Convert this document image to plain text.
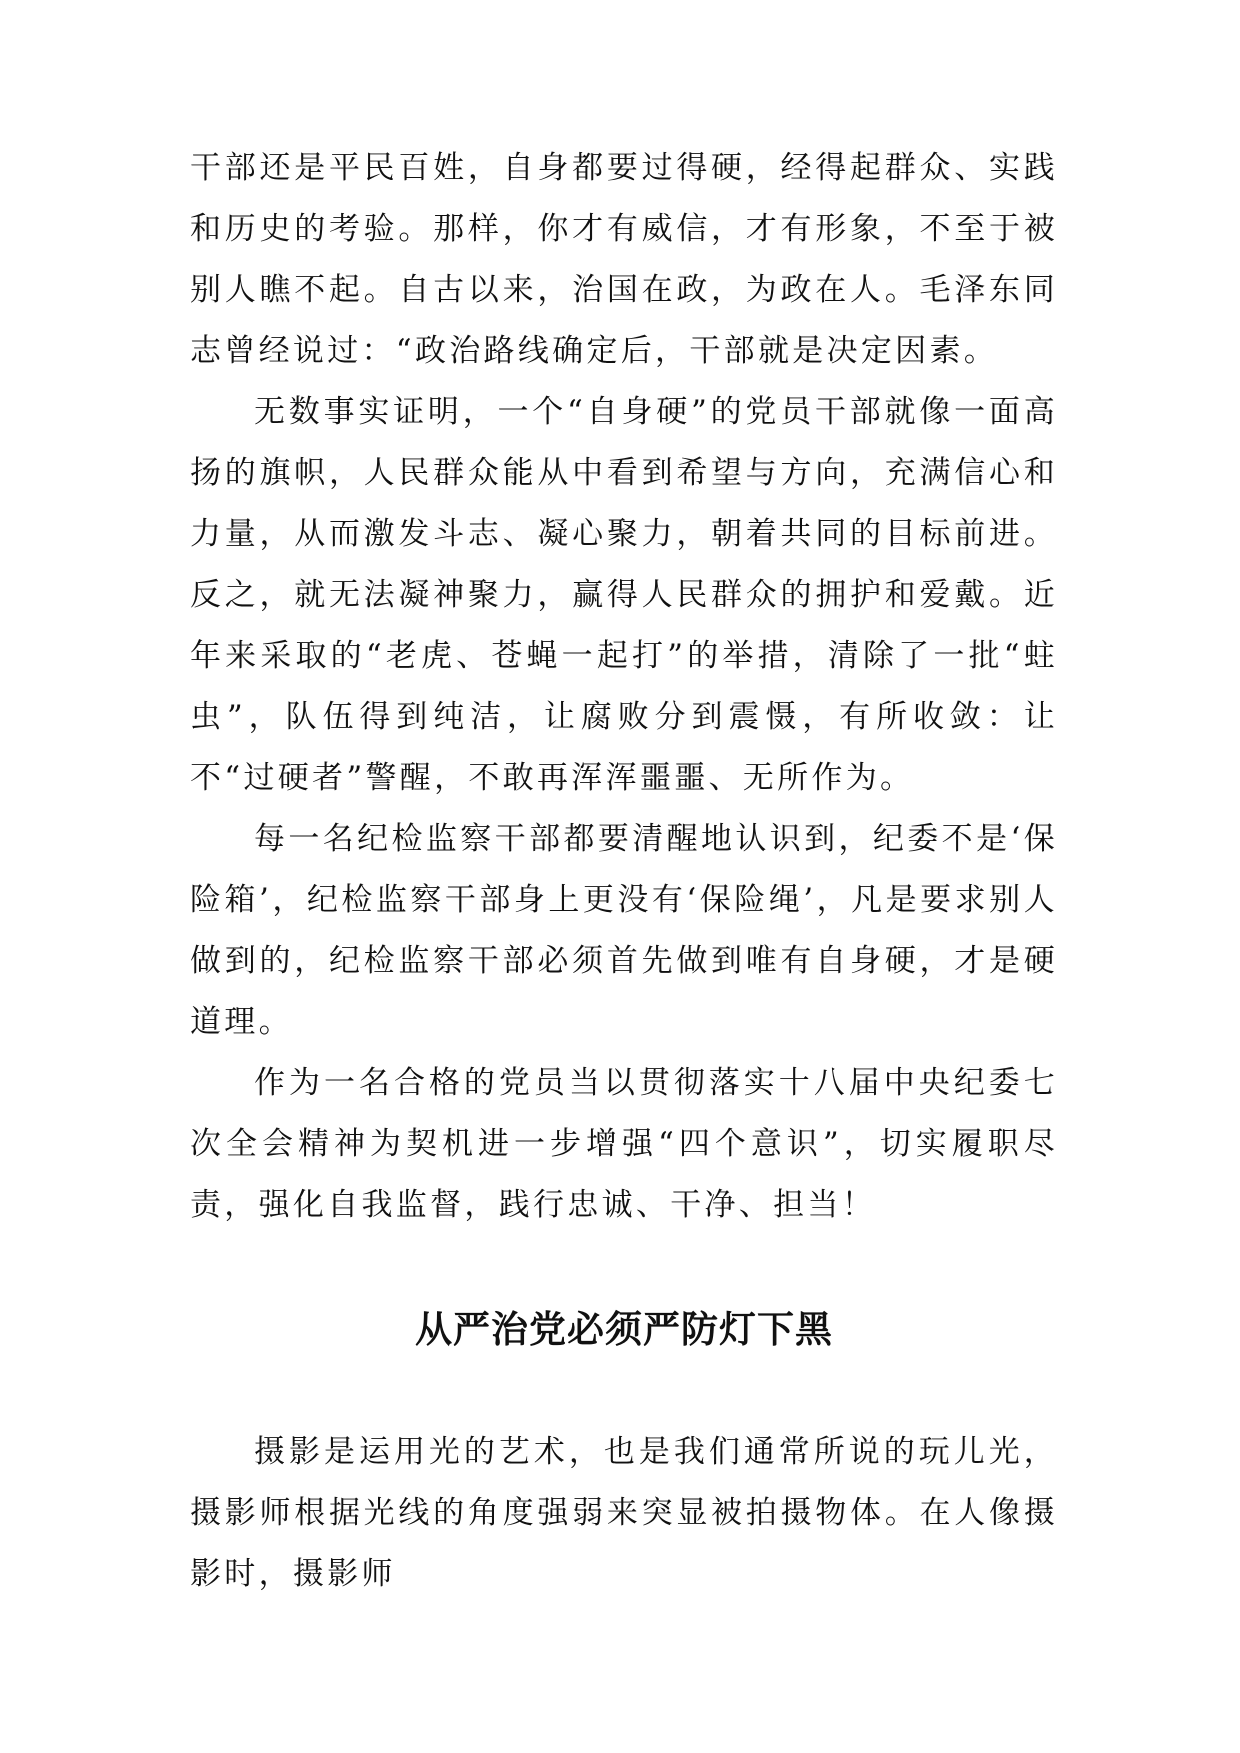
干部还是平民百姓，自身都要过得硬，经得起群众、实践和历史的考验。那样，你才有威信，才有形象，不至于被别人瞧不起。自古以来，治国在政，为政在人。毛泽东同志曾经说过：“政治路线确定后，干部就是决定因素。

无数事实证明，一个“自身硬”的党员干部就像一面高扬的旗帜，人民群众能从中看到希望与方向，充满信心和力量，从而激发斗志、凝心聚力，朝着共同的目标前进。反之，就无法凝神聚力，赢得人民群众的拥护和爱戴。近年来采取的“老虎、苍蝇一起打”的举措，清除了一批“蛀虫”，队伍得到纯洁，让腐败分到震慑，有所收敛：让不“过硬者”警醒，不敢再浑浑噩噩、无所作为。

每一名纪检监察干部都要清醒地认识到，纪委不是‘保险箱’，纪检监察干部身上更没有‘保险绳’，凡是要求别人做到的，纪检监察干部必须首先做到唯有自身硬，才是硬道理。

作为一名合格的党员当以贯彻落实十八届中央纪委七次全会精神为契机进一步增强“四个意识”，切实履职尽责，强化自我监督，践行忠诚、干净、担当！

从严治党必须严防灯下黑

摄影是运用光的艺术，也是我们通常所说的玩儿光，摄影师根据光线的角度强弱来突显被拍摄物体。在人像摄影时，摄影师
